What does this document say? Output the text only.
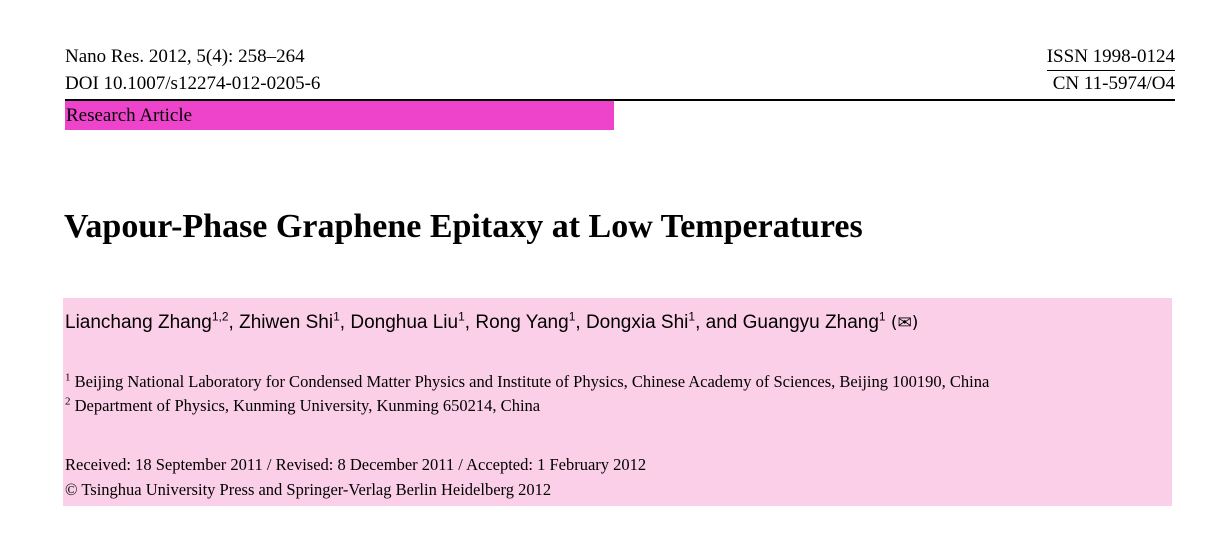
Nano Res. 2012, 5(4): 258–264	ISSN 1998-0124
DOI 10.1007/s12274-012-0205-6	CN 11-5974/O4
Research Article
Vapour-Phase Graphene Epitaxy at Low Temperatures
Lianchang Zhang$^{1,2}$, Zhiwen Shi$^1$, Donghua Liu$^1$, Rong Yang$^1$, Dongxia Shi$^1$, and Guangyu Zhang$^1$ (✉)
$^1$ Beijing National Laboratory for Condensed Matter Physics and Institute of Physics, Chinese Academy of Sciences, Beijing 100190, China
$^2$ Department of Physics, Kunming University, Kunming 650214, China
Received: 18 September 2011 / Revised: 8 December 2011 / Accepted: 1 February 2012
© Tsinghua University Press and Springer-Verlag Berlin Heidelberg 2012
